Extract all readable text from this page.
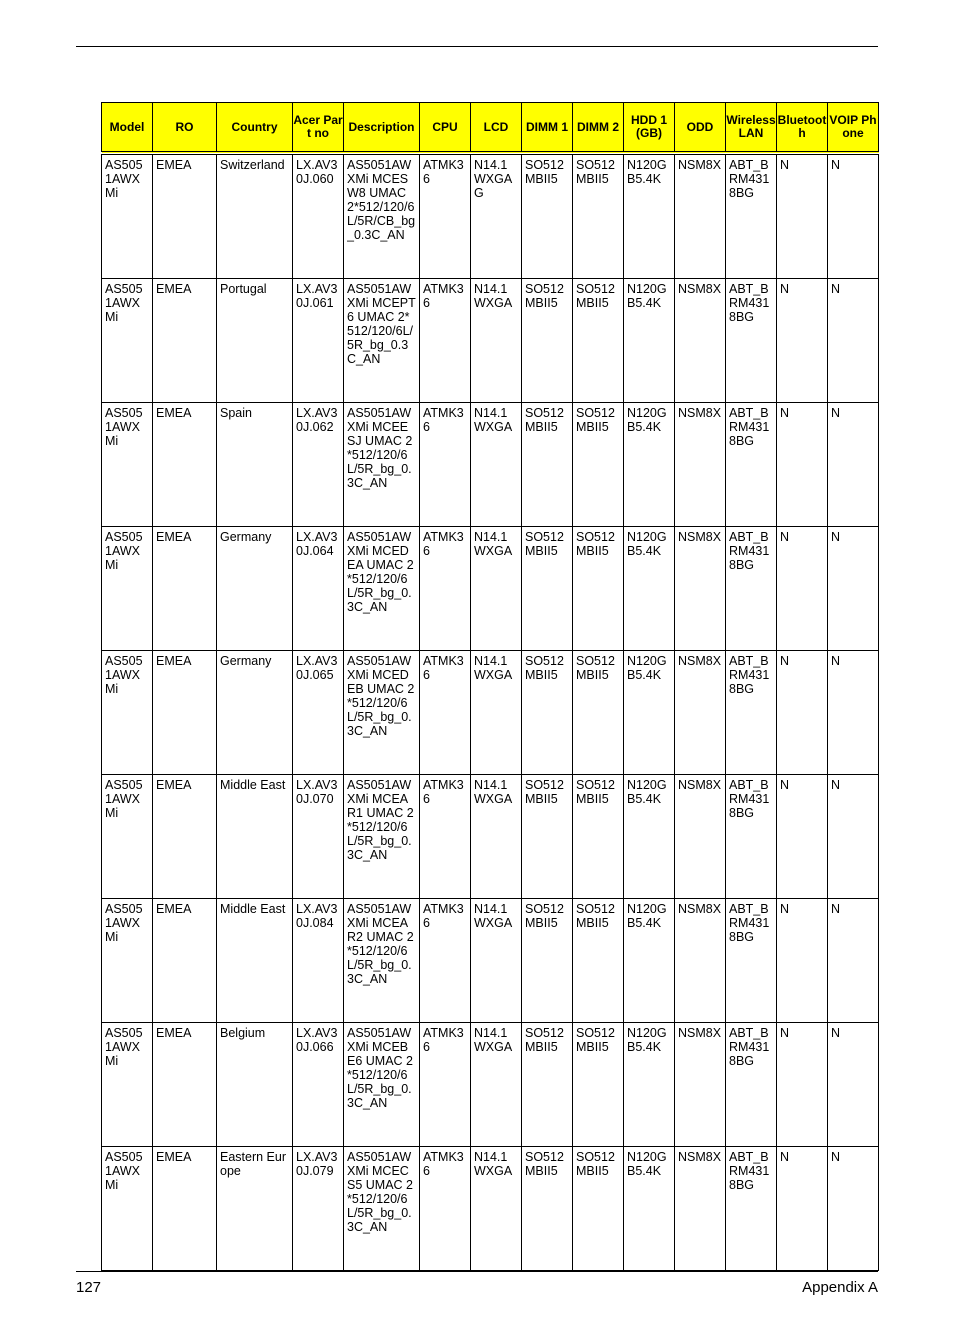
Model	RO	Country	Acer Part no	Description	CPU	LCD	DIMM 1	DIMM 2	HDD 1 (GB)	ODD	Wireless LAN	Bluetooth	VOIP Phone

AS5051AWXMi	EMEA	Switzerland	LX.AV30J.060	AS5051AWXMi MCESW8 UMAC 2*512/120/6L/5R/CB_bg_0.3C_AN	ATMK36	N14.1WXGAG	SO512MBII5	SO512MBII5	N120GB5.4K	NSM8X	ABT_BRM4318BG	N	N

AS5051AWXMi	EMEA	Portugal	LX.AV30J.061	AS5051AWXMi MCEPT6 UMAC 2*512/120/6L/5R_bg_0.3C_AN	ATMK36	N14.1WXGA	SO512MBII5	SO512MBII5	N120GB5.4K	NSM8X	ABT_BRM4318BG	N	N

AS5051AWXMi	EMEA	Spain	LX.AV30J.062	AS5051AWXMi MCEESJ UMAC 2*512/120/6L/5R_bg_0.3C_AN	ATMK36	N14.1WXGA	SO512MBII5	SO512MBII5	N120GB5.4K	NSM8X	ABT_BRM4318BG	N	N

AS5051AWXMi	EMEA	Germany	LX.AV30J.064	AS5051AWXMi MCEDEA UMAC 2*512/120/6L/5R_bg_0.3C_AN	ATMK36	N14.1WXGA	SO512MBII5	SO512MBII5	N120GB5.4K	NSM8X	ABT_BRM4318BG	N	N

AS5051AWXMi	EMEA	Germany	LX.AV30J.065	AS5051AWXMi MCEDEB UMAC 2*512/120/6L/5R_bg_0.3C_AN	ATMK36	N14.1WXGA	SO512MBII5	SO512MBII5	N120GB5.4K	NSM8X	ABT_BRM4318BG	N	N

AS5051AWXMi	EMEA	Middle East	LX.AV30J.070	AS5051AWXMi MCEAR1 UMAC 2*512/120/6L/5R_bg_0.3C_AN	ATMK36	N14.1WXGA	SO512MBII5	SO512MBII5	N120GB5.4K	NSM8X	ABT_BRM4318BG	N	N

AS5051AWXMi	EMEA	Middle East	LX.AV30J.084	AS5051AWXMi MCEAR2 UMAC 2*512/120/6L/5R_bg_0.3C_AN	ATMK36	N14.1WXGA	SO512MBII5	SO512MBII5	N120GB5.4K	NSM8X	ABT_BRM4318BG	N	N

AS5051AWXMi	EMEA	Belgium	LX.AV30J.066	AS5051AWXMi MCEBE6 UMAC 2*512/120/6L/5R_bg_0.3C_AN	ATMK36	N14.1WXGA	SO512MBII5	SO512MBII5	N120GB5.4K	NSM8X	ABT_BRM4318BG	N	N

AS5051AWXMi	EMEA	Eastern Europe	LX.AV30J.079	AS5051AWXMi MCECS5 UMAC 2*512/120/6L/5R_bg_0.3C_AN	ATMK36	N14.1WXGA	SO512MBII5	SO512MBII5	N120GB5.4K	NSM8X	ABT_BRM4318BG	N	N
127	Appendix A
